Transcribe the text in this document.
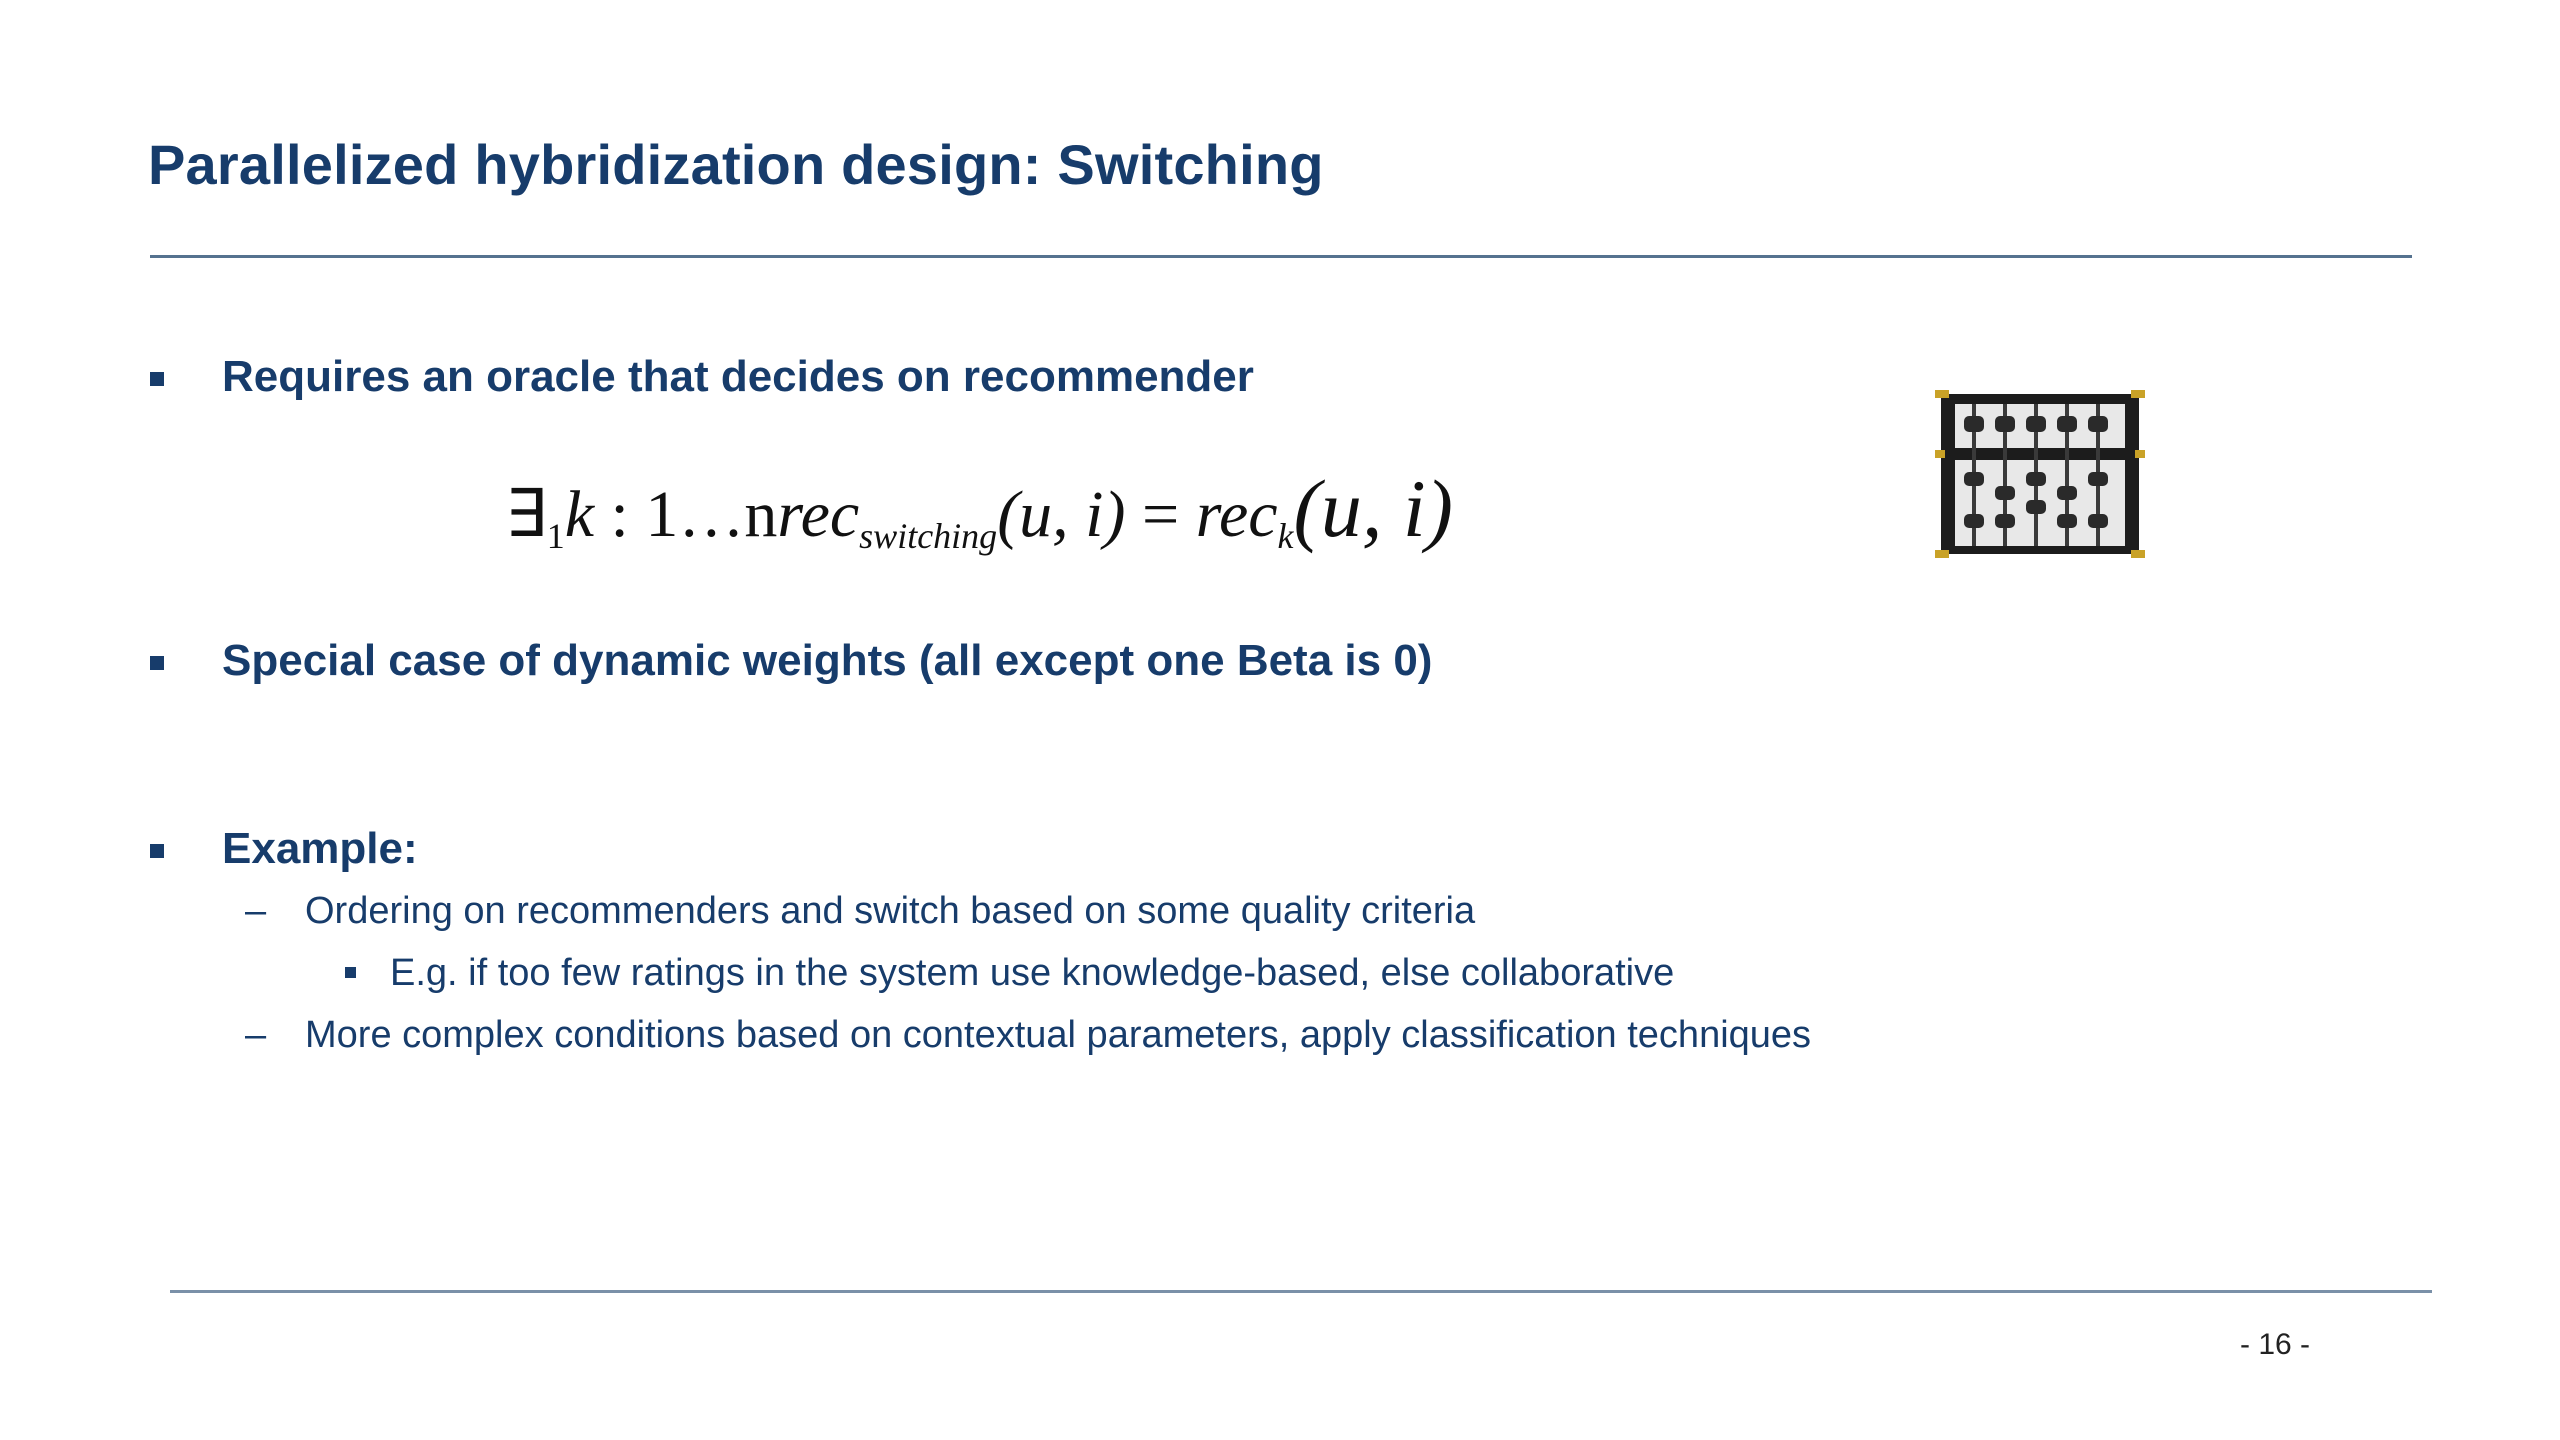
Parallelized hybridization design: Switching
Requires an oracle that decides on recommender
$\exists_1k$ : 1…nrec$_{switching}$(u, i) = rec$_k$(u, i)
Special case of dynamic weights (all except one Beta is 0)
Example:
– Ordering on recommenders and switch based on some quality criteria
E.g. if too few ratings in the system use knowledge-based, else collaborative
– More complex conditions based on contextual parameters, apply classification techniques
- 16 -
